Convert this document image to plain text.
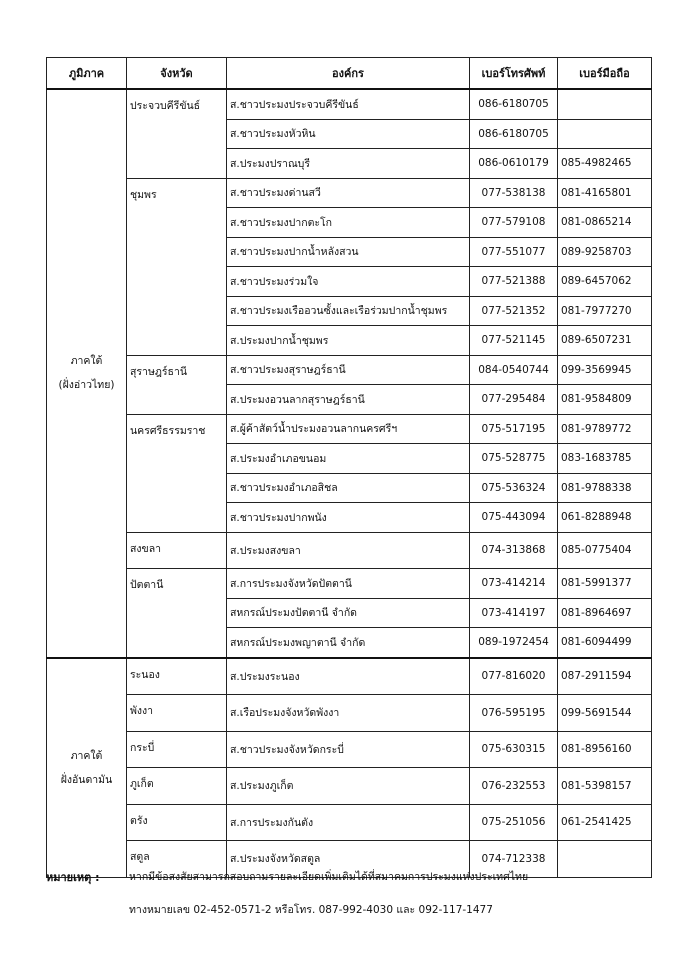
ภูมิภาค	จังหวัด	องค์กร	เบอร์โทรศัพท์	เบอร์มือถือ

ภาคใต้
(ฝั่งอ่าวไทย)	ประจวบคีรีขันธ์	ส.ชาวประมงประจวบคีรีขันธ์	086-6180705	
		ส.ชาวประมงหัวหิน	086-6180705	
		ส.ประมงปราณบุรี	086-0610179	085-4982465
	ชุมพร	ส.ชาวประมงด่านสวี	077-538138	081-4165801
		ส.ชาวประมงปากตะโก	077-579108	081-0865214
		ส.ชาวประมงปากน้ำหลังสวน	077-551077	089-9258703
		ส.ชาวประมงร่วมใจ	077-521388	089-6457062
		ส.ชาวประมงเรืออวนซั้งและเรือร่วมปากน้ำชุมพร	077-521352	081-7977270
		ส.ประมงปากน้ำชุมพร	077-521145	089-6507231
	สุราษฎร์ธานี	ส.ชาวประมงสุราษฎร์ธานี	084-0540744	099-3569945
		ส.ประมงอวนลากสุราษฎร์ธานี	077-295484	081-9584809
	นครศรีธรรมราช	ส.ผู้ค้าสัตว์น้ำประมงอวนลากนครศรีฯ	075-517195	081-9789772
		ส.ประมงอำเภอขนอม	075-528775	083-1683785
		ส.ชาวประมงอำเภอสิชล	075-536324	081-9788338
		ส.ชาวประมงปากพนัง	075-443094	061-8288948
	สงขลา	ส.ประมงสงขลา	074-313868	085-0775404
	ปัตตานี	ส.การประมงจังหวัดปัตตานี	073-414214	081-5991377
		สหกรณ์ประมงปัตตานี จำกัด	073-414197	081-8964697
		สหกรณ์ประมงพญาตานี จำกัด	089-1972454	081-6094499

ภาคใต้
ฝั่งอันดามัน	ระนอง	ส.ประมงระนอง	077-816020	087-2911594
	พังงา	ส.เรือประมงจังหวัดพังงา	076-595195	099-5691544
	กระบี่	ส.ชาวประมงจังหวัดกระบี่	075-630315	081-8956160
	ภูเก็ต	ส.ประมงภูเก็ต	076-232553	081-5398157
	ตรัง	ส.การประมงกันตัง	075-251056	061-2541425
	สตูล	ส.ประมงจังหวัดสตูล	074-712338	
หมายเหตุ :	หากมีข้อสงสัยสามารถสอบถามรายละเอียดเพิ่มเติมได้ที่สมาคมการประมงแห่งประเทศไทย
ทางหมายเลข 02-452-0571-2 หรือโทร. 087-992-4030 และ 092-117-1477
